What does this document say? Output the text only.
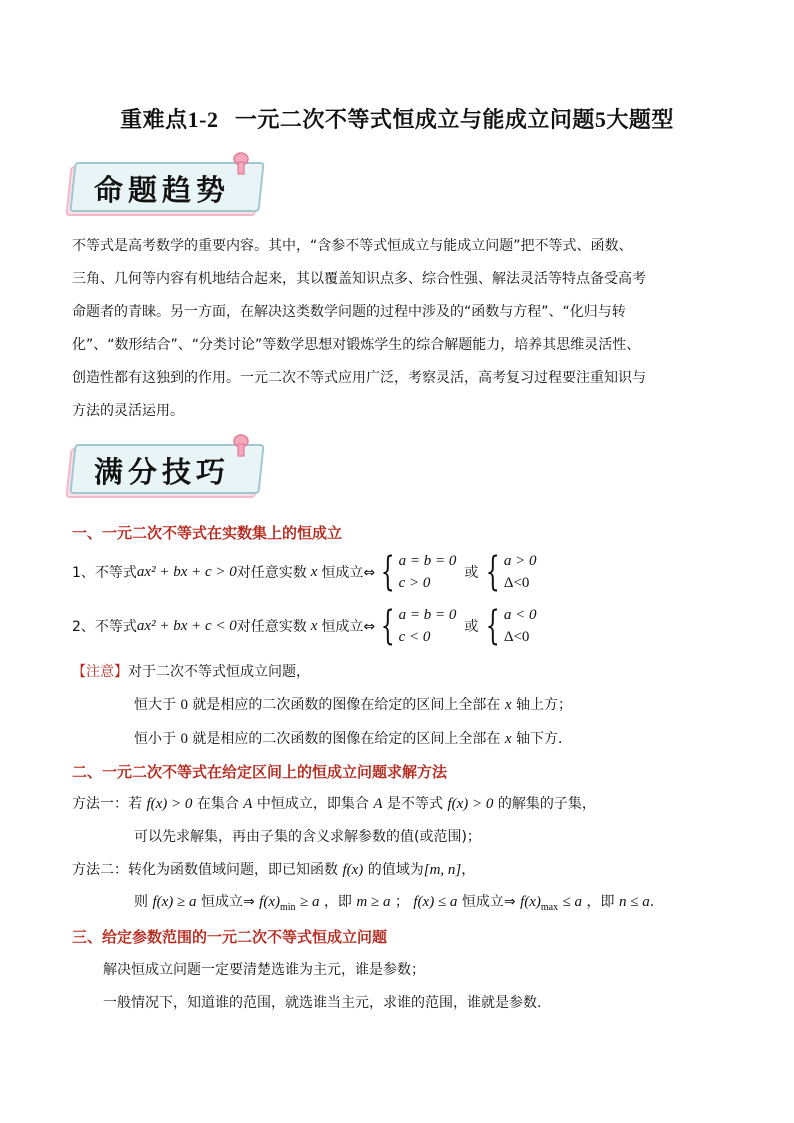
重难点1-2 一元二次不等式恒成立与能成立问题5大题型
命题趋势

不等式是高考数学的重要内容。其中，“含参不等式恒成立与能成立问题”把不等式、函数、

三角、几何等内容有机地结合起来，其以覆盖知识点多、综合性强、解法灵活等特点备受高考

命题者的青睐。另一方面，在解决这类数学问题的过程中涉及的“函数与方程”、“化归与转

化”、“数形结合”、“分类讨论”等数学思想对锻炼学生的综合解题能力，培养其思维灵活性、

创造性都有这独到的作用。一元二次不等式应用广泛，考察灵活，高考复习过程要注重知识与

方法的灵活运用。

满分技巧
一、一元二次不等式在实数集上的恒成立
1、 不等式 ax² + bx + c > 0 对任意实数 x 恒成立⇔ { a = b = 0
c > 0
或 { a > 0
Δ<0
2、 不等式 ax² + bx + c < 0 对任意实数 x 恒成立⇔ { a = b = 0
c < 0
或 { a < 0
Δ<0
【注意】对于二次不等式恒成立问题，
恒大于 0 就是相应的二次函数的图像在给定的区间上全部在 x 轴上方；
恒小于 0 就是相应的二次函数的图像在给定的区间上全部在 x 轴下方．
二、一元二次不等式在给定区间上的恒成立问题求解方法
方法一：若 f(x) > 0 在集合 A 中恒成立，即集合 A 是不等式 f(x) > 0 的解集的子集，
可以先求解集，再由子集的含义求解参数的值(或范围)；
方法二：转化为函数值域问题，即已知函数 f(x) 的值域为[m, n]，
则 f(x) ≥ a 恒成立⇒ $f(x)_{min} \ge a$ ，即 m ≥ a ； f(x) ≤ a 恒成立⇒ $f(x)_{max} \le a$ ，即 n ≤ a.
三、给定参数范围的一元二次不等式恒成立问题
解决恒成立问题一定要清楚选谁为主元，谁是参数；
一般情况下，知道谁的范围，就选谁当主元，求谁的范围，谁就是参数.
